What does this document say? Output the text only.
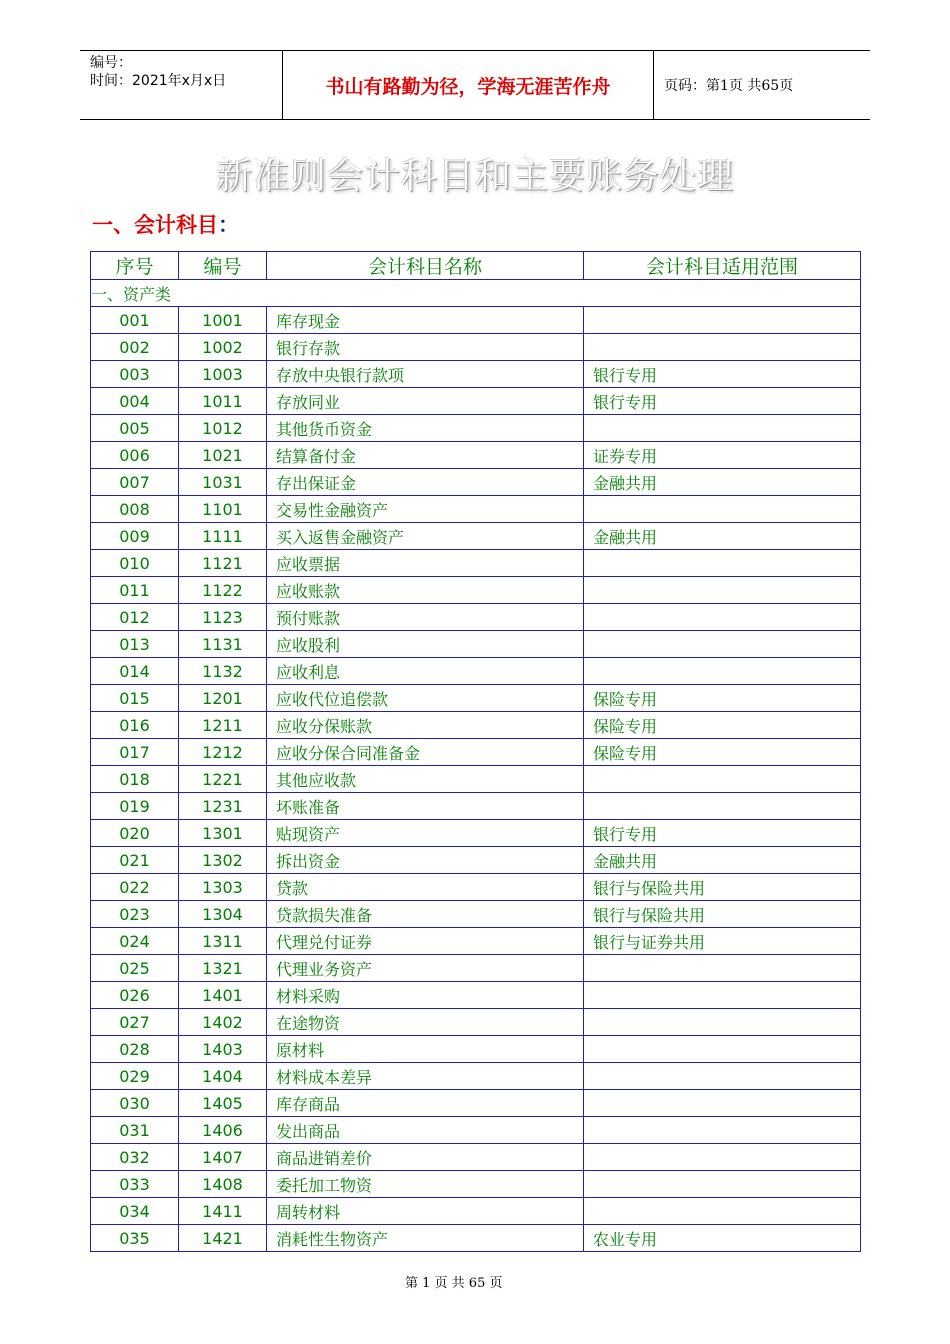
编号：
时间：2021年x月x日	书山有路勤为径，学海无涯苦作舟	页码：第1页 共65页
新准则会计科目和主要账务处理
一、会计科目：
序号	编号	会计科目名称	会计科目适用范围
一、资产类			
001	1001	库存现金	
002	1002	银行存款	
003	1003	存放中央银行款项	银行专用
004	1011	存放同业	银行专用
005	1012	其他货币资金	
006	1021	结算备付金	证券专用
007	1031	存出保证金	金融共用
008	1101	交易性金融资产	
009	1111	买入返售金融资产	金融共用
010	1121	应收票据	
011	1122	应收账款	
012	1123	预付账款	
013	1131	应收股利	
014	1132	应收利息	
015	1201	应收代位追偿款	保险专用
016	1211	应收分保账款	保险专用
017	1212	应收分保合同准备金	保险专用
018	1221	其他应收款	
019	1231	坏账准备	
020	1301	贴现资产	银行专用
021	1302	拆出资金	金融共用
022	1303	贷款	银行与保险共用
023	1304	贷款损失准备	银行与保险共用
024	1311	代理兑付证券	银行与证券共用
025	1321	代理业务资产	
026	1401	材料采购	
027	1402	在途物资	
028	1403	原材料	
029	1404	材料成本差异	
030	1405	库存商品	
031	1406	发出商品	
032	1407	商品进销差价	
033	1408	委托加工物资	
034	1411	周转材料	
035	1421	消耗性生物资产	农业专用
第 1 页 共 65 页
